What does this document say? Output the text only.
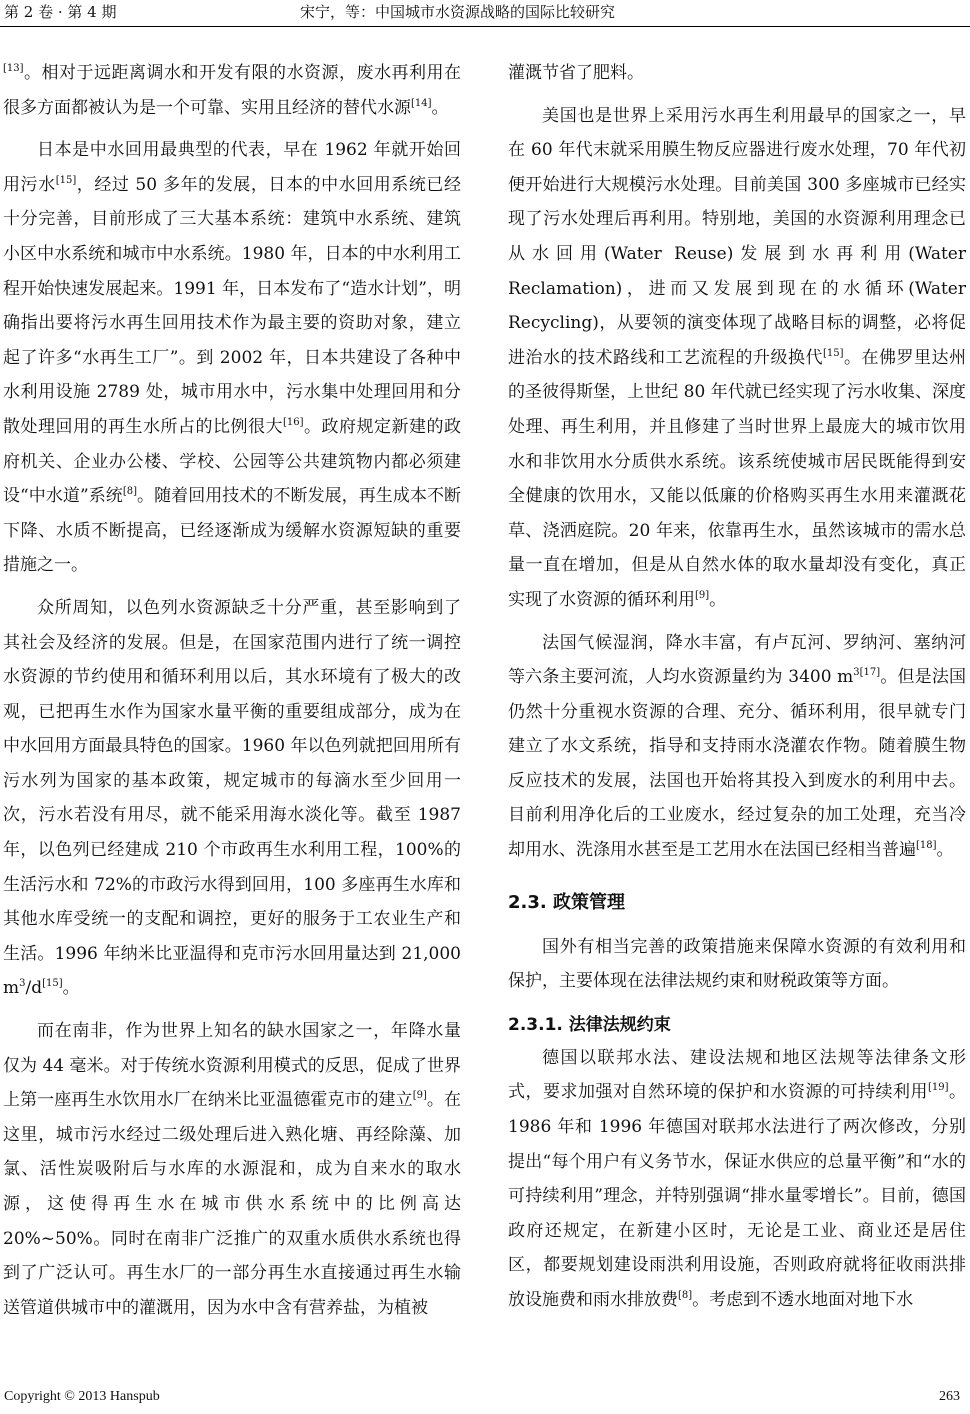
第 2 卷 · 第 4 期	宋宁，等：中国城市水资源战略的国际比较研究

[13]。相对于远距离调水和开发有限的水资源，废水再利用在很多方面都被认为是一个可靠、实用且经济的替代水源[14]。

日本是中水回用最典型的代表，早在 1962 年就开始回用污水[15]，经过 50 多年的发展，日本的中水回用系统已经十分完善，目前形成了三大基本系统：建筑中水系统、建筑小区中水系统和城市中水系统。1980 年，日本的中水利用工程开始快速发展起来。1991 年，日本发布了“造水计划”，明确指出要将污水再生回用技术作为最主要的资助对象，建立起了许多“水再生工厂”。到 2002 年，日本共建设了各种中水利用设施 2789 处，城市用水中，污水集中处理回用和分散处理回用的再生水所占的比例很大[16]。政府规定新建的政府机关、企业办公楼、学校、公园等公共建筑物内都必须建设“中水道”系统[8]。随着回用技术的不断发展，再生成本不断下降、水质不断提高，已经逐渐成为缓解水资源短缺的重要措施之一。

众所周知，以色列水资源缺乏十分严重，甚至影响到了其社会及经济的发展。但是，在国家范围内进行了统一调控水资源的节约使用和循环利用以后，其水环境有了极大的改观，已把再生水作为国家水量平衡的重要组成部分，成为在中水回用方面最具特色的国家。1960 年以色列就把回用所有污水列为国家的基本政策，规定城市的每滴水至少回用一次，污水若没有用尽，就不能采用海水淡化等。截至 1987 年，以色列已经建成 210 个市政再生水利用工程，100%的生活污水和 72%的市政污水得到回用，100 多座再生水库和其他水库受统一的支配和调控，更好的服务于工农业生产和生活。1996 年纳米比亚温得和克市污水回用量达到 21,000 $m^3/d[15]$。

而在南非，作为世界上知名的缺水国家之一，年降水量仅为 44 毫米。对于传统水资源利用模式的反思，促成了世界上第一座再生水饮用水厂在纳米比亚温德霍克市的建立[9]。在这里，城市污水经过二级处理后进入熟化塘、再经除藻、加氯、活性炭吸附后与水库的水源混和，成为自来水的取水源，这使得再生水在城市供水系统中的比例高达 20%~50%。同时在南非广泛推广的双重水质供水系统也得到了广泛认可。再生水厂的一部分再生水直接通过再生水输送管道供城市中的灌溉用，因为水中含有营养盐，为植被

灌溉节省了肥料。

美国也是世界上采用污水再生利用最早的国家之一，早在 60 年代末就采用膜生物反应器进行废水处理，70 年代初便开始进行大规模污水处理。目前美国 300 多座城市已经实现了污水处理后再利用。特别地，美国的水资源利用理念已从水回用(Water Reuse)发展到水再利用(Water Reclamation)，进而又发展到现在的水循环(Water Recycling)，从要领的演变体现了战略目标的调整，必将促进治水的技术路线和工艺流程的升级换代[15]。在佛罗里达州的圣彼得斯堡，上世纪 80 年代就已经实现了污水收集、深度处理、再生利用，并且修建了当时世界上最庞大的城市饮用水和非饮用水分质供水系统。该系统使城市居民既能得到安全健康的饮用水，又能以低廉的价格购买再生水用来灌溉花草、浇洒庭院。20 年来，依靠再生水，虽然该城市的需水总量一直在增加，但是从自然水体的取水量却没有变化，真正实现了水资源的循环利用[9]。

法国气候湿润，降水丰富，有卢瓦河、罗纳河、塞纳河等六条主要河流，人均水资源量约为 3400 $m^{3[17]}$。但是法国仍然十分重视水资源的合理、充分、循环利用，很早就专门建立了水文系统，指导和支持雨水浇灌农作物。随着膜生物反应技术的发展，法国也开始将其投入到废水的利用中去。目前利用净化后的工业废水，经过复杂的加工处理，充当冷却用水、洗涤用水甚至是工艺用水在法国已经相当普遍[18]。

2.3. 政策管理

国外有相当完善的政策措施来保障水资源的有效利用和保护，主要体现在法律法规约束和财税政策等方面。

2.3.1. 法律法规约束

德国以联邦水法、建设法规和地区法规等法律条文形式，要求加强对自然环境的保护和水资源的可持续利用[19]。1986 年和 1996 年德国对联邦水法进行了两次修改，分别提出“每个用户有义务节水，保证水供应的总量平衡”和“水的可持续利用”理念，并特别强调“排水量零增长”。目前，德国政府还规定，在新建小区时，无论是工业、商业还是居住区，都要规划建设雨洪利用设施，否则政府就将征收雨洪排放设施费和雨水排放费[8]。考虑到不透水地面对地下水

Copyright © 2013 Hanspub	263
